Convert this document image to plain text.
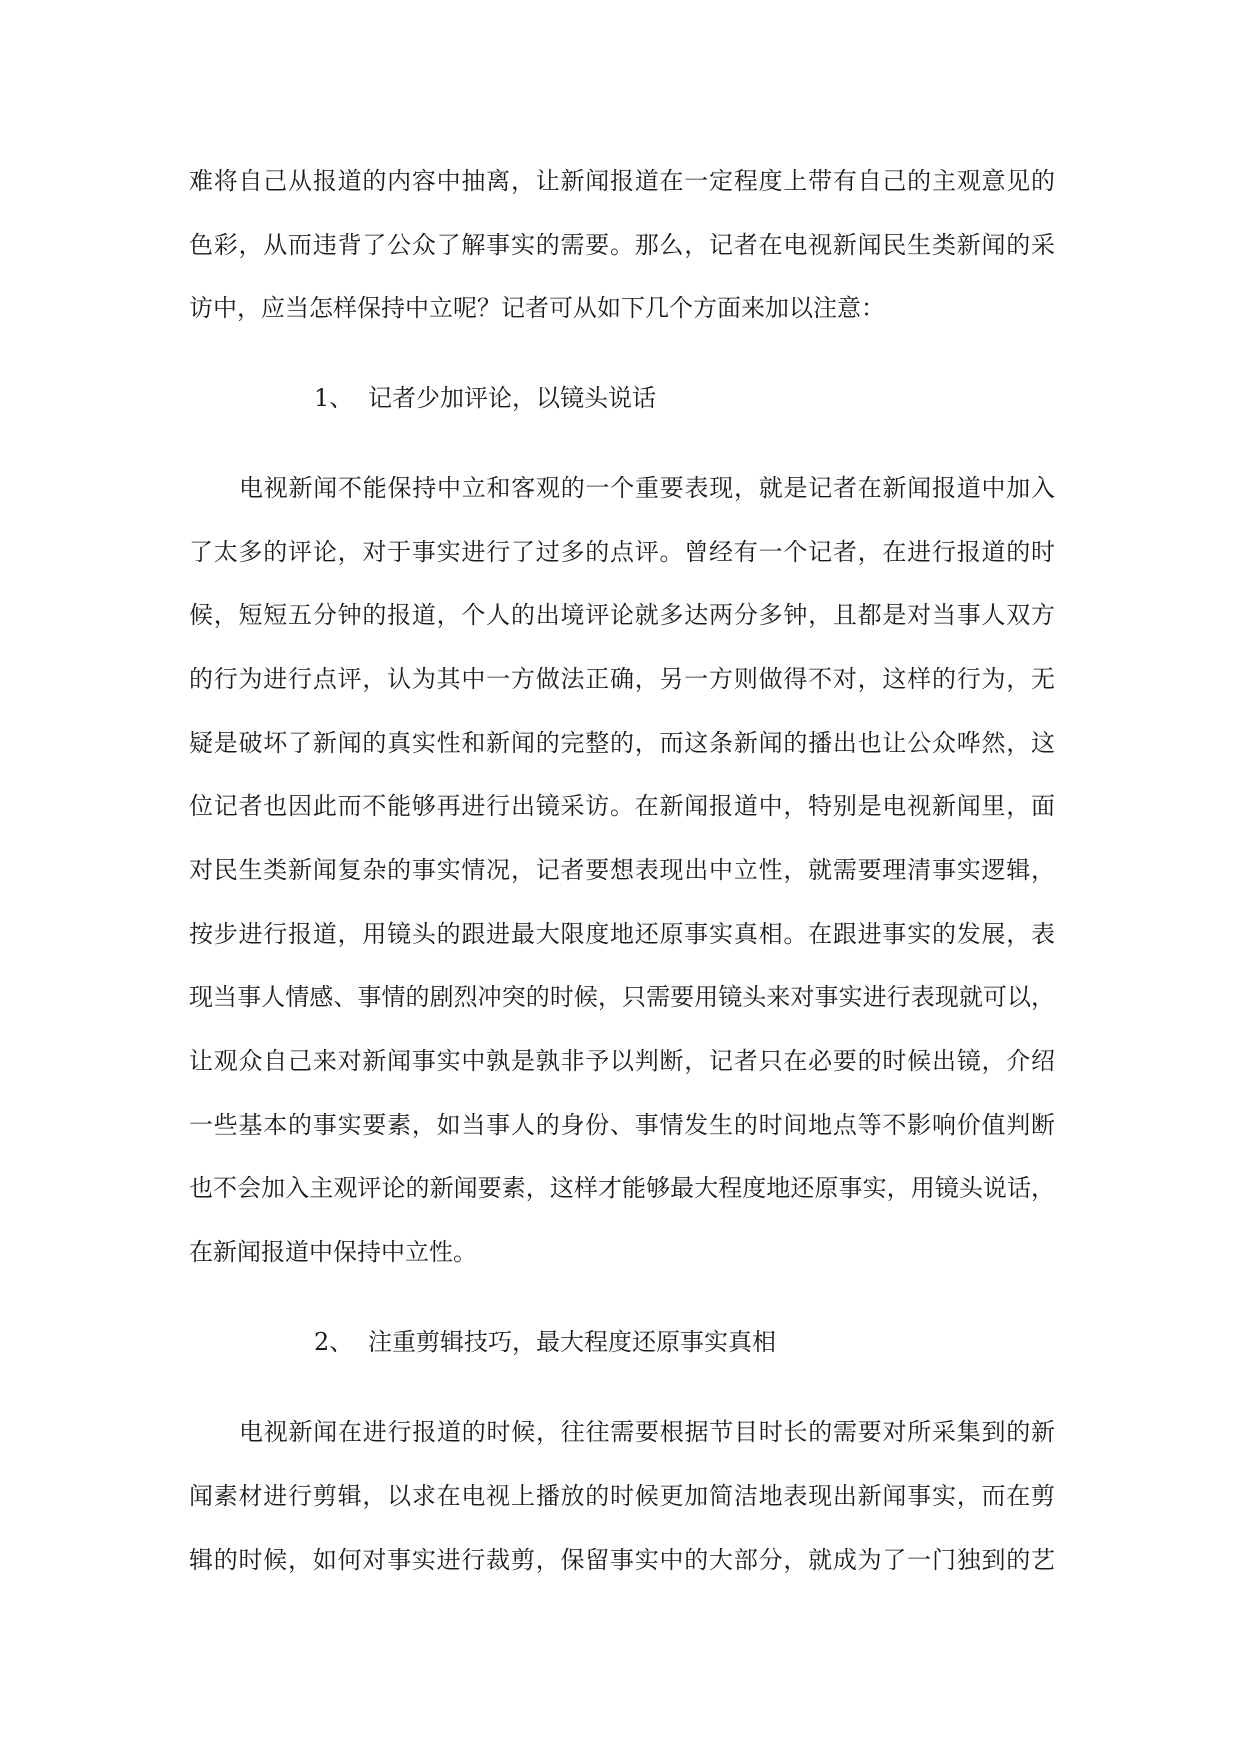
难将自己从报道的内容中抽离，让新闻报道在一定程度上带有自己的主观意见的
色彩，从而违背了公众了解事实的需要。那么，记者在电视新闻民生类新闻的采
访中，应当怎样保持中立呢？记者可从如下几个方面来加以注意：
1、 记者少加评论，以镜头说话
电视新闻不能保持中立和客观的一个重要表现，就是记者在新闻报道中加入
了太多的评论，对于事实进行了过多的点评。曾经有一个记者，在进行报道的时
候，短短五分钟的报道，个人的出境评论就多达两分多钟，且都是对当事人双方
的行为进行点评，认为其中一方做法正确，另一方则做得不对，这样的行为，无
疑是破坏了新闻的真实性和新闻的完整的，而这条新闻的播出也让公众哗然，这
位记者也因此而不能够再进行出镜采访。在新闻报道中，特别是电视新闻里，面
对民生类新闻复杂的事实情况，记者要想表现出中立性，就需要理清事实逻辑，
按步进行报道，用镜头的跟进最大限度地还原事实真相。在跟进事实的发展，表
现当事人情感、事情的剧烈冲突的时候，只需要用镜头来对事实进行表现就可以，
让观众自己来对新闻事实中孰是孰非予以判断，记者只在必要的时候出镜，介绍
一些基本的事实要素，如当事人的身份、事情发生的时间地点等不影响价值判断
也不会加入主观评论的新闻要素，这样才能够最大程度地还原事实，用镜头说话，
在新闻报道中保持中立性。
2、 注重剪辑技巧，最大程度还原事实真相
电视新闻在进行报道的时候，往往需要根据节目时长的需要对所采集到的新
闻素材进行剪辑，以求在电视上播放的时候更加简洁地表现出新闻事实，而在剪
辑的时候，如何对事实进行裁剪，保留事实中的大部分，就成为了一门独到的艺
